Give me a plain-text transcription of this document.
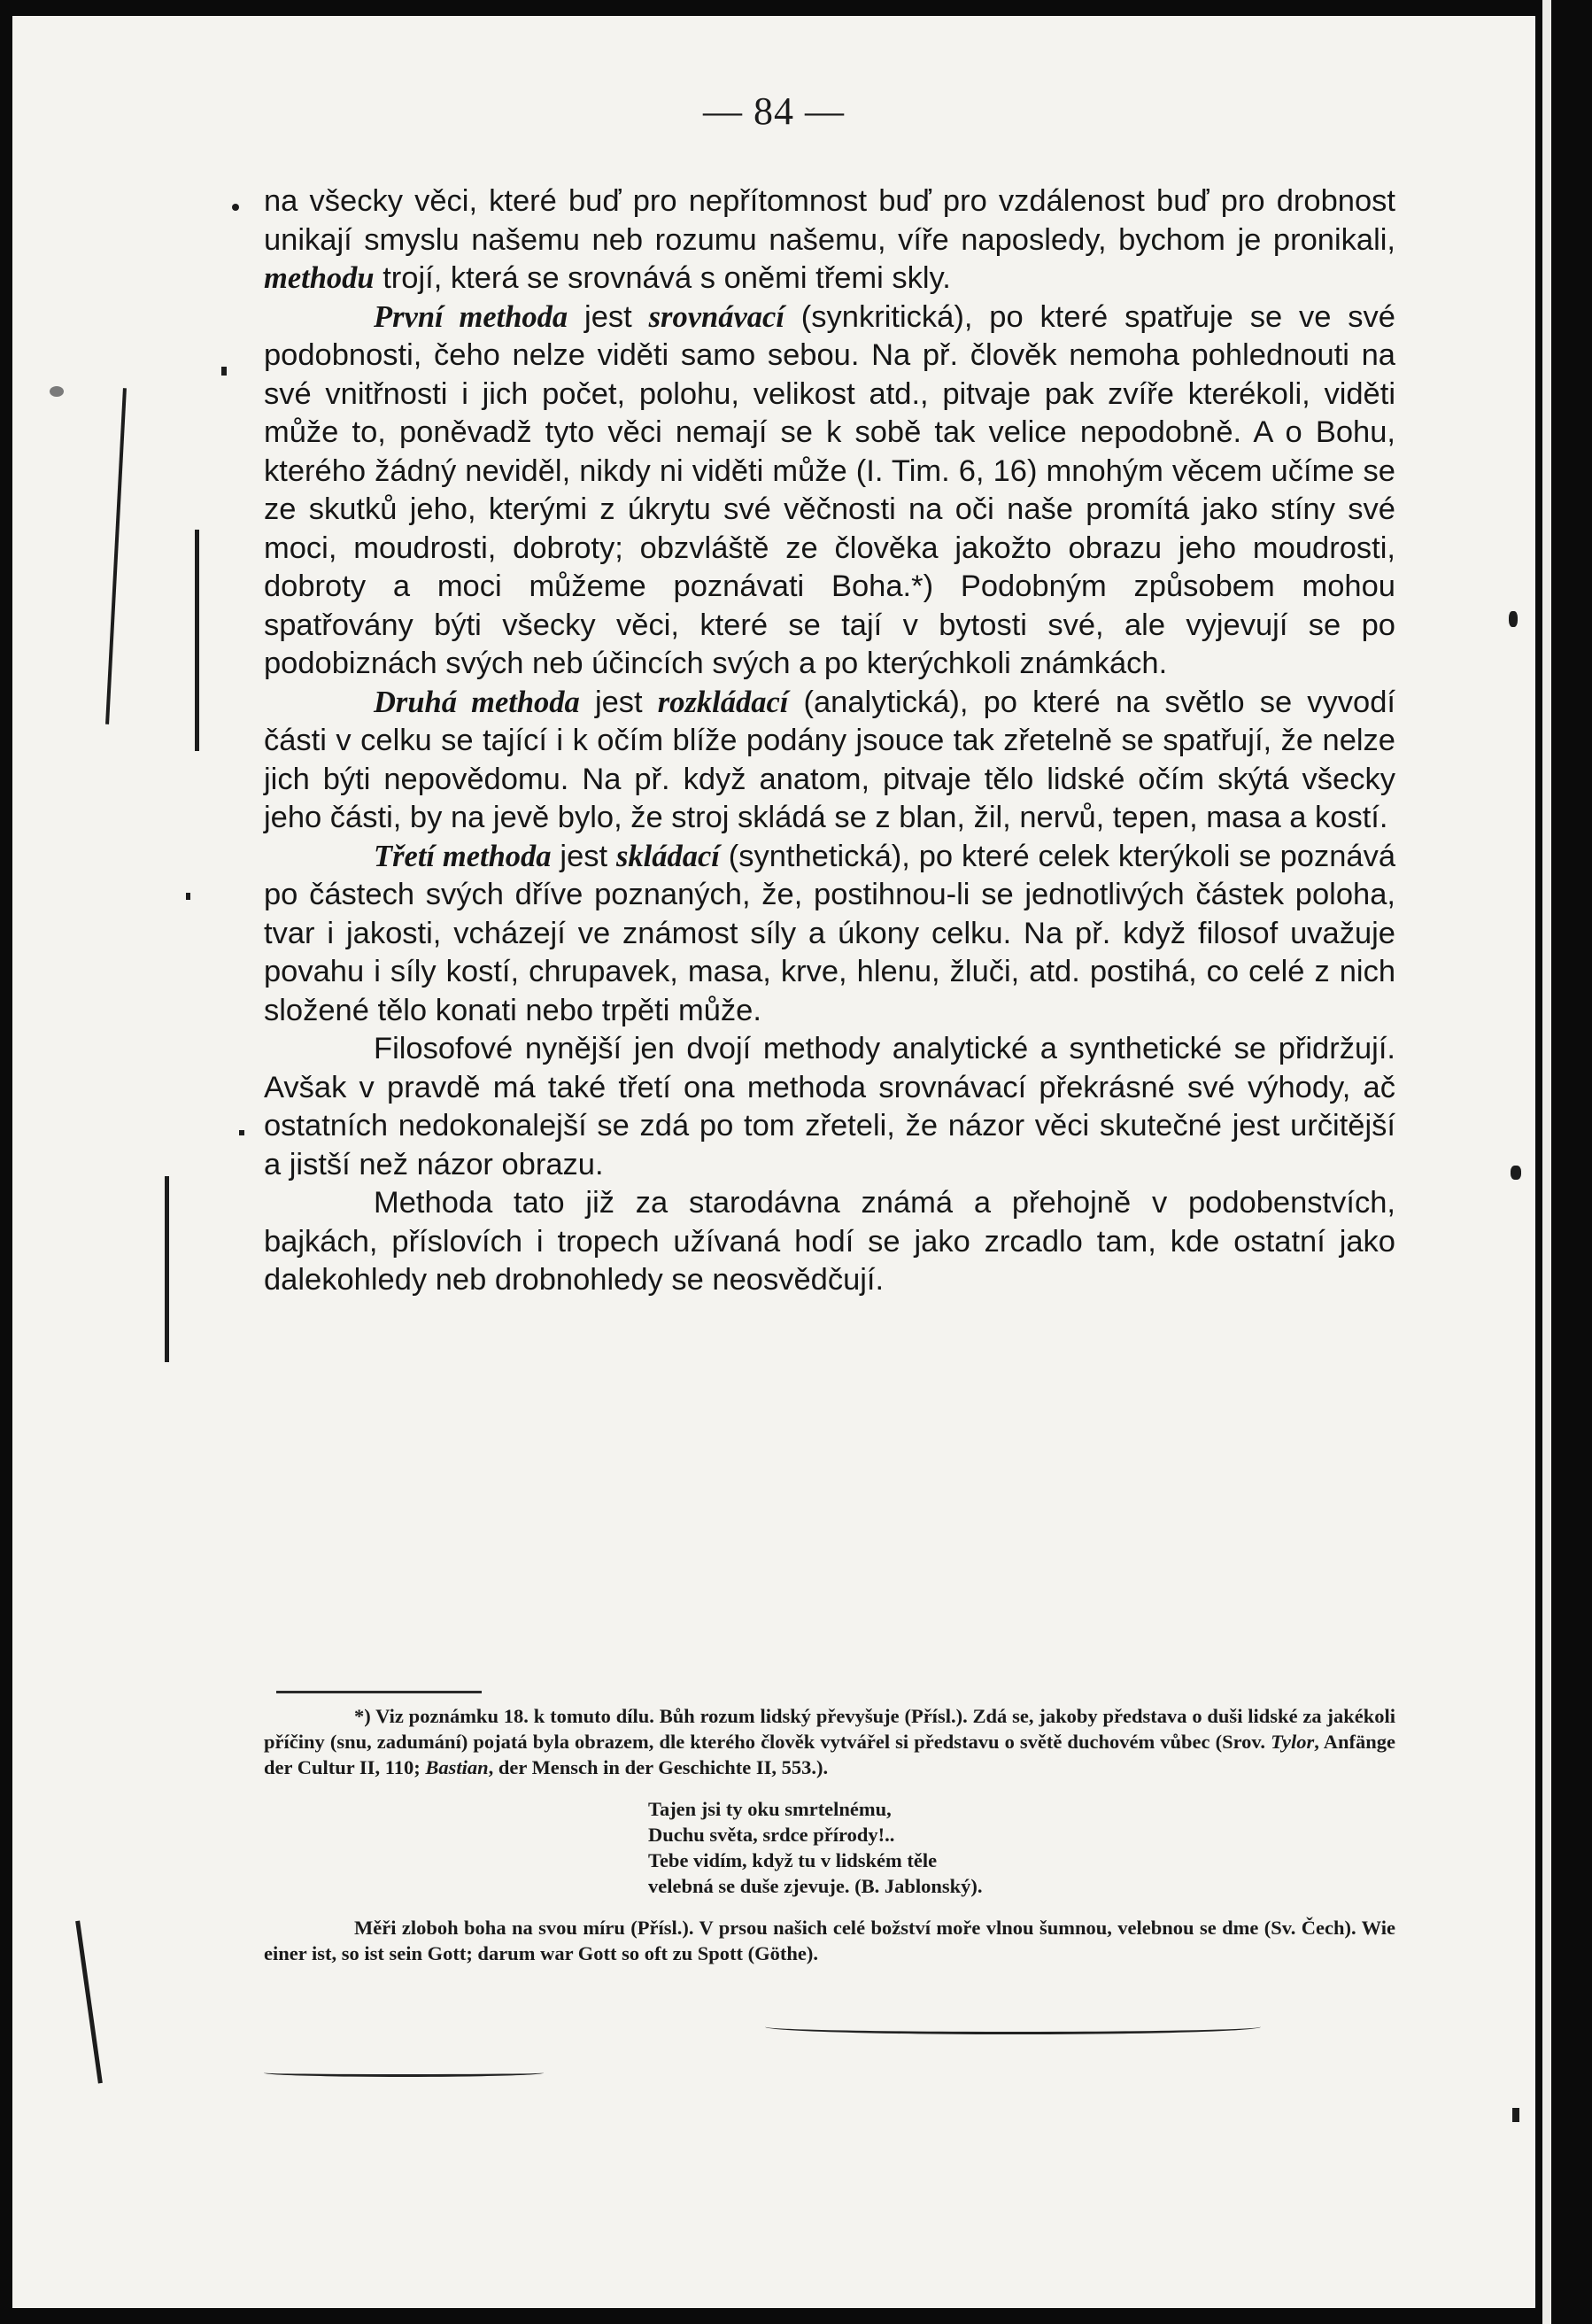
— 84 —

na všecky věci, které buď pro nepřítomnost buď pro vzdálenost buď pro drobnost unikají smyslu našemu neb rozumu našemu, víře naposledy, bychom je pronikali, methodu trojí, která se srovnává s oněmi třemi skly.

První methoda jest srovnávací (synkritická), po které spatřuje se ve své podobnosti, čeho nelze viděti samo sebou. Na př. člověk nemoha pohlednouti na své vnitřnosti i jich počet, polohu, velikost atd., pitvaje pak zvíře kterékoli, viděti může to, poněvadž tyto věci nemají se k sobě tak velice nepodobně. A o Bohu, kterého žádný neviděl, nikdy ni viděti může (I. Tim. 6, 16) mnohým věcem učíme se ze skutků jeho, kterými z úkrytu své věčnosti na oči naše promítá jako stíny své moci, moudrosti, dobroty; obzvláště ze člověka jakožto obrazu jeho moudrosti, dobroty a moci můžeme poznávati Boha.*) Podobným způsobem mohou spatřovány býti všecky věci, které se tají v bytosti své, ale vyjevují se po podobiznách svých neb účincích svých a po kterýchkoli známkách.

Druhá methoda jest rozkládací (analytická), po které na světlo se vyvodí části v celku se tající i k očím blíže podány jsouce tak zřetelně se spatřují, že nelze jich býti nepovědomu. Na př. když anatom, pitvaje tělo lidské očím skýtá všecky jeho části, by na jevě bylo, že stroj skládá se z blan, žil, nervů, tepen, masa a kostí.

Třetí methoda jest skládací (synthetická), po které celek kterýkoli se poznává po částech svých dříve poznaných, že, postihnou-li se jednotlivých částek poloha, tvar i jakosti, vcházejí ve známost síly a úkony celku. Na př. když filosof uvažuje povahu i síly kostí, chrupavek, masa, krve, hlenu, žluči, atd. postihá, co celé z nich složené tělo konati nebo trpěti může.

Filosofové nynější jen dvojí methody analytické a synthetické se přidržují. Avšak v pravdě má také třetí ona methoda srovnávací překrásné své výhody, ač ostatních nedokonalejší se zdá po tom zřeteli, že názor věci skutečné jest určitější a jistší než názor obrazu.

Methoda tato již za starodávna známá a přehojně v podobenstvích, bajkách, příslovích i tropech užívaná hodí se jako zrcadlo tam, kde ostatní jako dalekohledy neb drobnohledy se neosvědčují.

*) Viz poznámku 18. k tomuto dílu. Bůh rozum lidský převyšuje (Přísl.). Zdá se, jakoby představa o duši lidské za jakékoli příčiny (snu, zadumání) pojatá byla obrazem, dle kterého člověk vytvářel si představu o světě duchovém vůbec (Srov. Tylor, Anfänge der Cultur II, 110; Bastian, der Mensch in der Geschichte II, 553.).

Tajen jsi ty oku smrtelnému,
Duchu světa, srdce přírody!..
Tebe vidím, když tu v lidském těle
velebná se duše zjevuje. (B. Jablonský).

Měři zloboh boha na svou míru (Přísl.). V prsou našich celé božství moře vlnou šumnou, velebnou se dme (Sv. Čech). Wie einer ist, so ist sein Gott; darum war Gott so oft zu Spott (Göthe).
